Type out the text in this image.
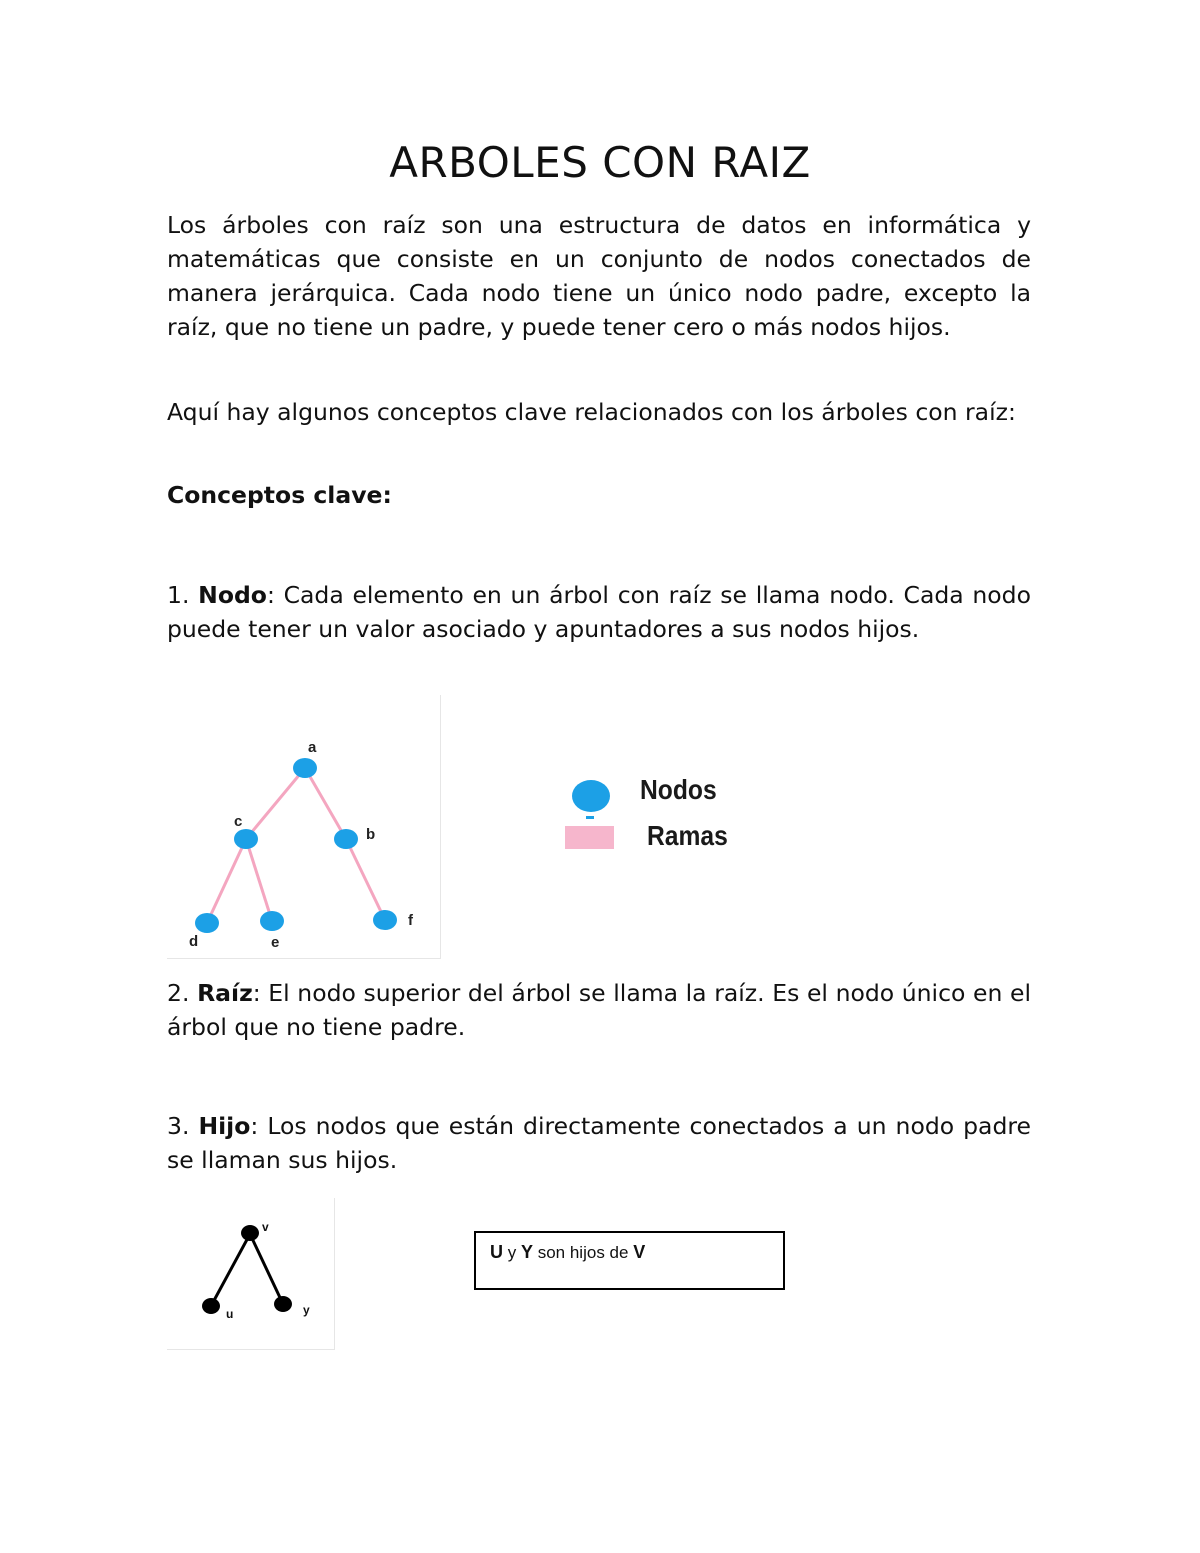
ARBOLES CON RAIZ

Los árboles con raíz son una estructura de datos en informática y matemáticas que consiste en un conjunto de nodos conectados de manera jerárquica. Cada nodo tiene un único nodo padre, excepto la raíz, que no tiene un padre, y puede tener cero o más nodos hijos.

Aquí hay algunos conceptos clave relacionados con los árboles con raíz:

Conceptos clave:

1. Nodo: Cada elemento en un árbol con raíz se llama nodo. Cada nodo puede tener un valor asociado y apuntadores a sus nodos hijos.

a
b
c
d	e
f
Nodos
Ramas

2. Raíz: El nodo superior del árbol se llama la raíz. Es el nodo único en el árbol que no tiene padre.

3. Hijo: Los nodos que están directamente conectados a un nodo padre se llaman sus hijos.

v
u	y
U y Y son hijos de V
